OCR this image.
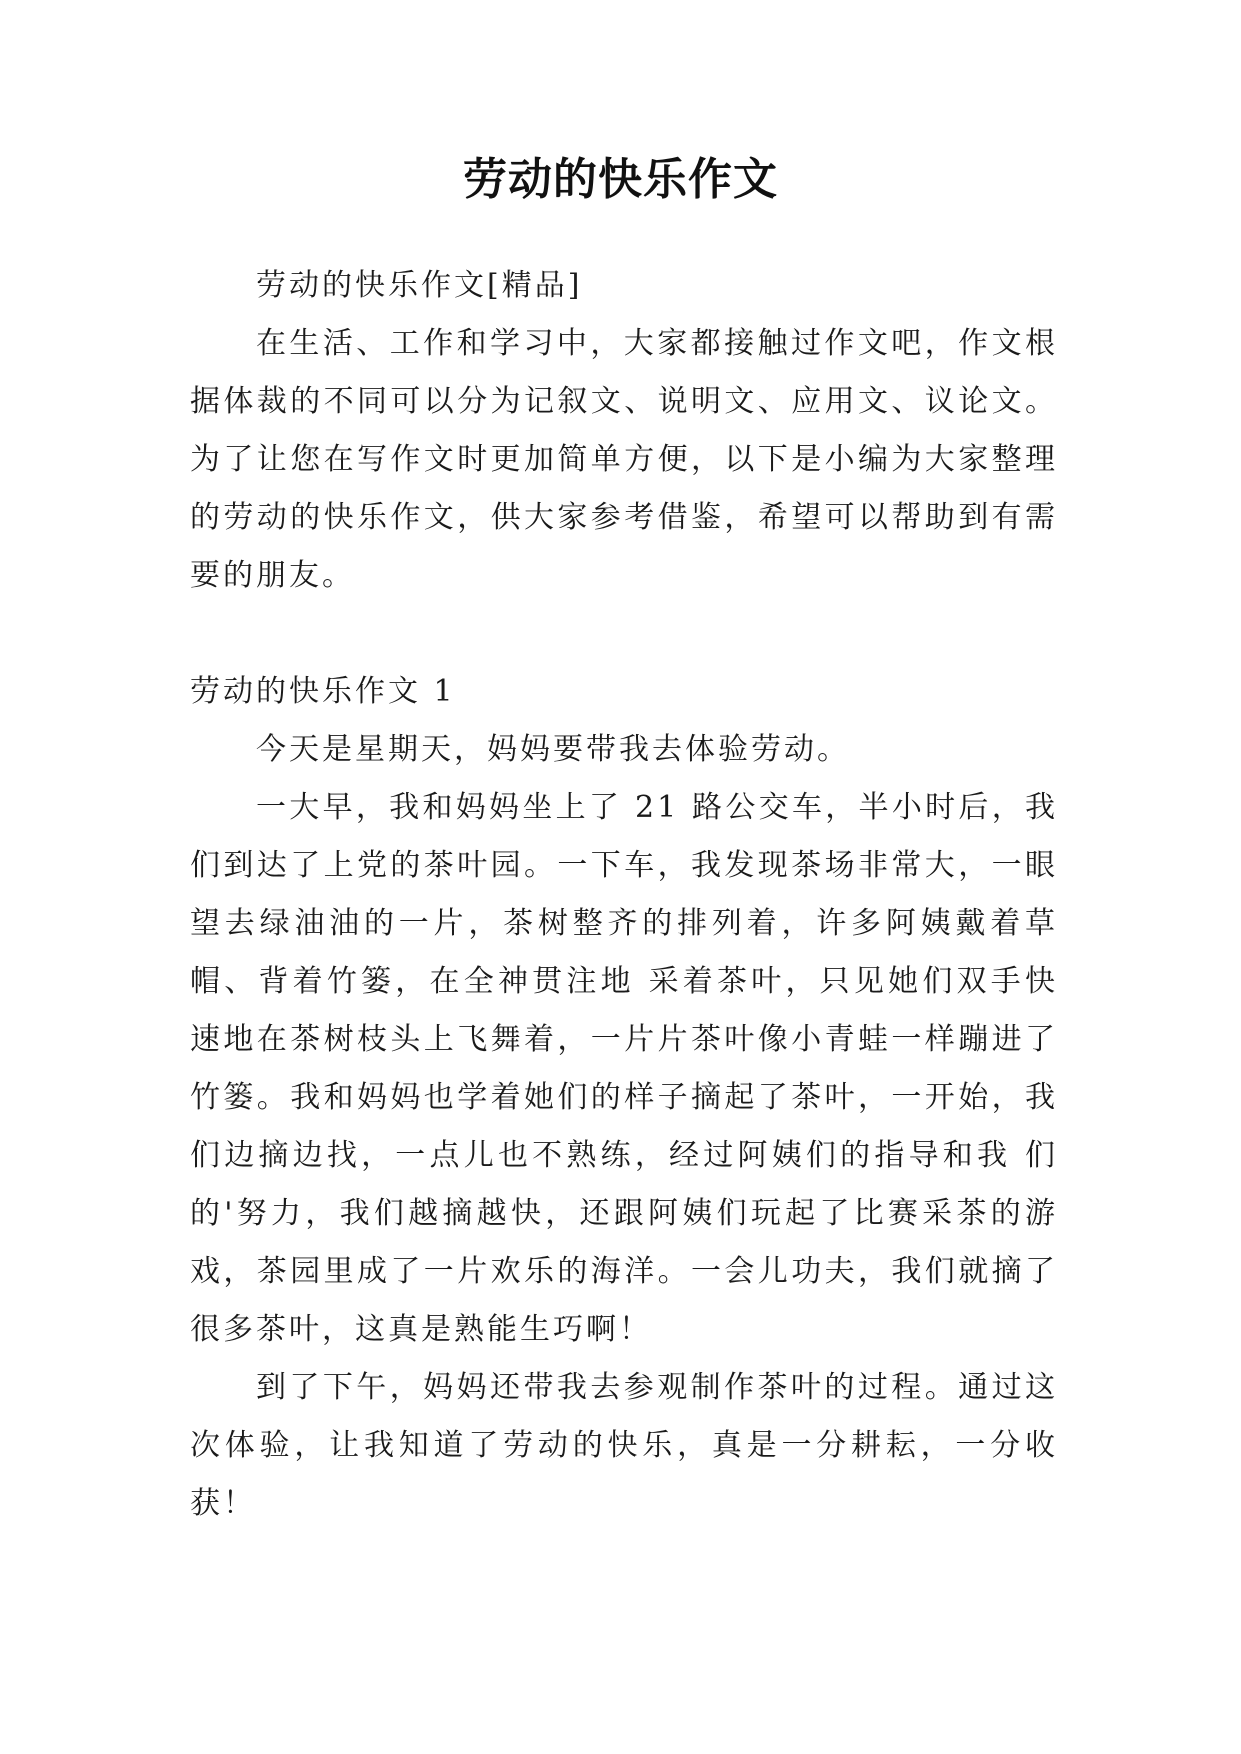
劳动的快乐作文

劳动的快乐作文[精品]

在生活、工作和学习中，大家都接触过作文吧，作文根据体裁的不同可以分为记叙文、说明文、应用文、议论文。为了让您在写作文时更加简单方便，以下是小编为大家整理的劳动的快乐作文，供大家参考借鉴，希望可以帮助到有需要的朋友。

劳动的快乐作文 1

今天是星期天，妈妈要带我去体验劳动。

一大早，我和妈妈坐上了 21 路公交车，半小时后，我们到达了上党的茶叶园。一下车，我发现茶场非常大，一眼望去绿油油的一片，茶树整齐的排列着，许多阿姨戴着草帽、背着竹篓，在全神贯注地 采着茶叶，只见她们双手快速地在茶树枝头上飞舞着，一片片茶叶像小青蛙一样蹦进了竹篓。我和妈妈也学着她们的样子摘起了茶叶，一开始，我们边摘边找，一点儿也不熟练，经过阿姨们的指导和我 们的'努力，我们越摘越快，还跟阿姨们玩起了比赛采茶的游戏，茶园里成了一片欢乐的海洋。一会儿功夫，我们就摘了很多茶叶，这真是熟能生巧啊！

到了下午，妈妈还带我去参观制作茶叶的过程。通过这次体验，让我知道了劳动的快乐，真是一分耕耘，一分收获！
